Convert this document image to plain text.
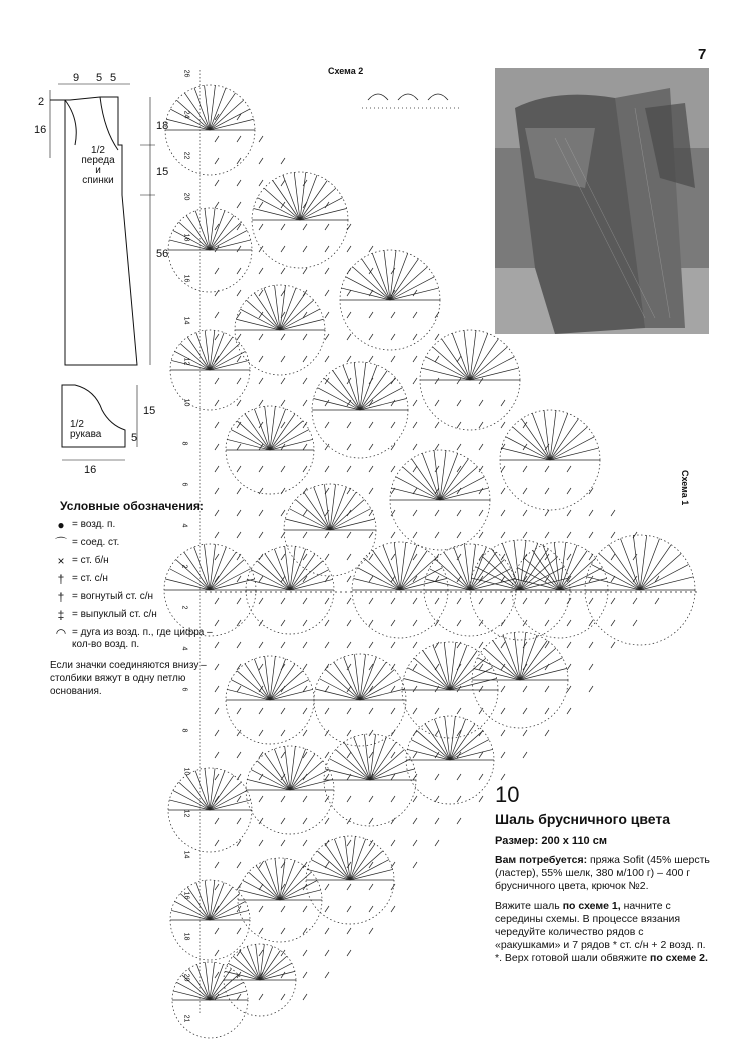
7
Схема 2
Схема 1
9 5 5
2
16	18
15
56
1/2
переда
и
спинки
15
5
16
1/2
рукава
26
24
22
20
18
16
14
12
10
8
6
4
2
2
4
6
8
10
12
14
16
18
20
21
Условные обозначения:
● = возд. п.
⌒ = соед. ст.
× = ст. б/н
† = ст. с/н
† = вогнутый ст. с/н
‡ = выпуклый ст. с/н
◠ = дуга из возд. п., где цифра – кол-во возд. п.
Если значки соединяются внизу – столбики вяжут в одну петлю основания.
10
Шаль брусничного цвета
Размер: 200 х 110 см
Вам потребуется: пряжа Sofit (45% шерсть (ластер), 55% шелк, 380 м/100 г) – 400 г брусничного цвета, крючок №2.
Вяжите шаль по схеме 1, начните с середины схемы. В процессе вязания чередуйте количество рядов с «ракушками» и 7 рядов * ст. с/н + 2 возд. п. *. Верх готовой шали обвяжите по схеме 2.
